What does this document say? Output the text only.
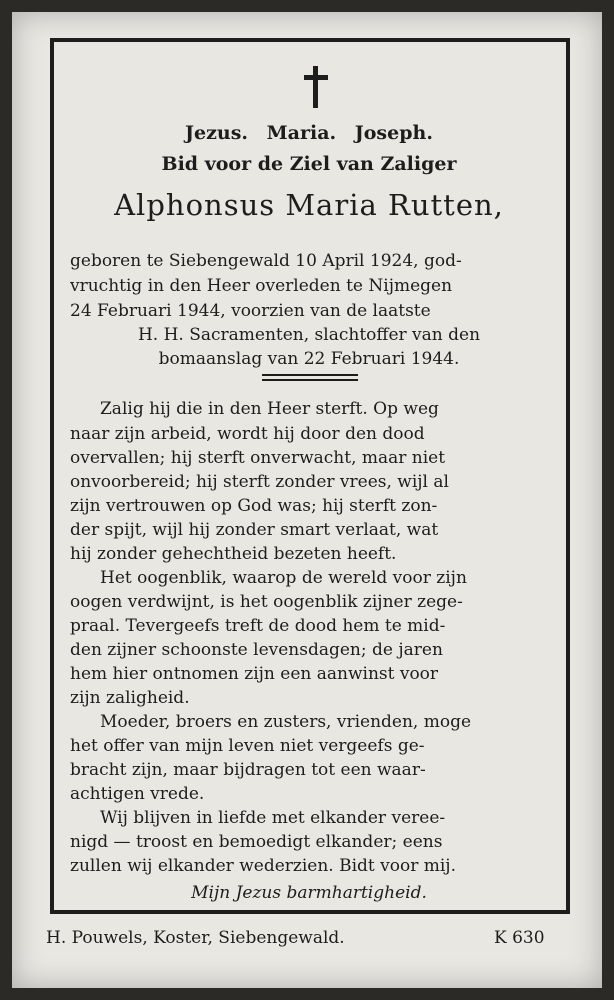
Jezus. Maria. Joseph.
Bid voor de Ziel van Zaliger
Alphonsus Maria Rutten,
geboren te Siebengewald 10 April 1924, god-
vruchtig in den Heer overleden te Nijmegen
24 Februari 1944, voorzien van de laatste
H. H. Sacramenten, slachtoffer van den
bomaanslag van 22 Februari 1944.
Zalig hij die in den Heer sterft. Op weg
naar zijn arbeid, wordt hij door den dood
overvallen; hij sterft onverwacht, maar niet
onvoorbereid; hij sterft zonder vrees, wijl al
zijn vertrouwen op God was; hij sterft zon-
der spijt, wijl hij zonder smart verlaat, wat
hij zonder gehechtheid bezeten heeft.
Het oogenblik, waarop de wereld voor zijn
oogen verdwijnt, is het oogenblik zijner zege-
praal. Tevergeefs treft de dood hem te mid-
den zijner schoonste levensdagen; de jaren
hem hier ontnomen zijn een aanwinst voor
zijn zaligheid.
Moeder, broers en zusters, vrienden, moge
het offer van mijn leven niet vergeefs ge-
bracht zijn, maar bijdragen tot een waar-
achtigen vrede.
Wij blijven in liefde met elkander veree-
nigd — troost en bemoedigt elkander; eens
zullen wij elkander wederzien. Bidt voor mij.
Mijn Jezus barmhartigheid.
H. Pouwels, Koster, Siebengewald.	K 630
